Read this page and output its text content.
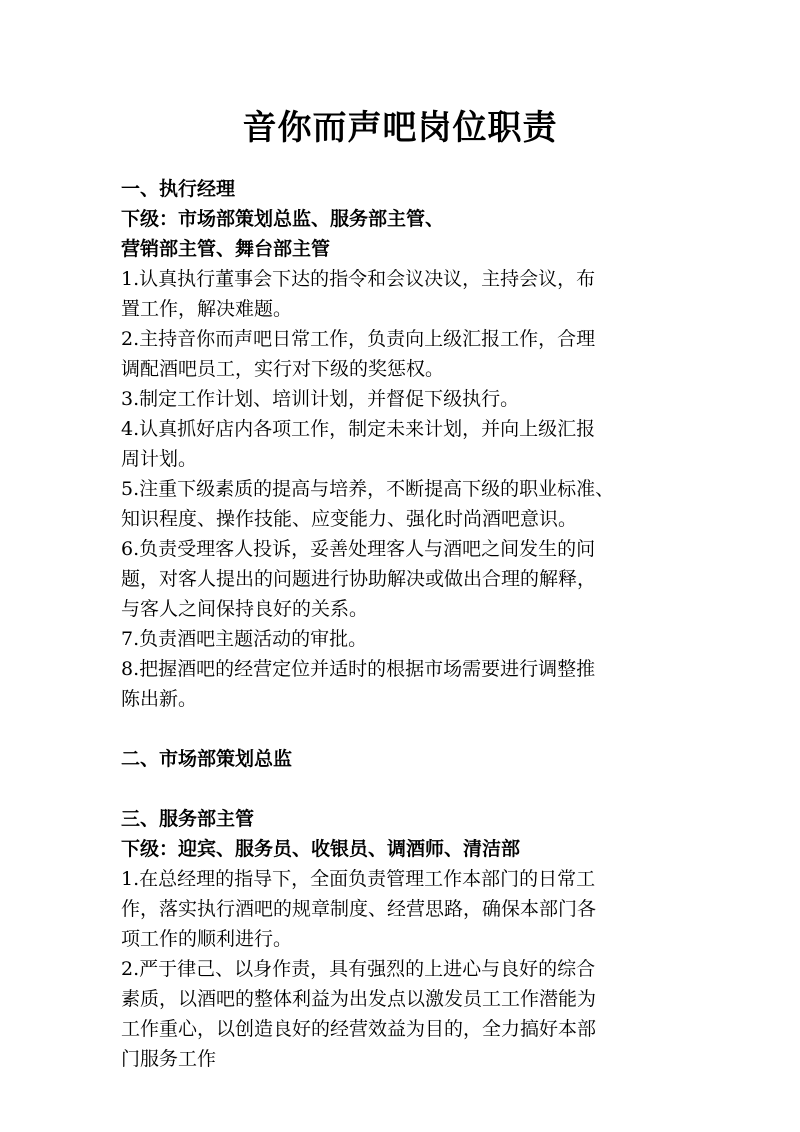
音你而声吧岗位职责
一、执行经理
下级：市场部策划总监、服务部主管、
营销部主管、舞台部主管
1.认真执行董事会下达的指令和会议决议，主持会议，布
置工作，解决难题。
2.主持音你而声吧日常工作，负责向上级汇报工作，合理
调配酒吧员工，实行对下级的奖惩权。
3.制定工作计划、培训计划，并督促下级执行。
4.认真抓好店内各项工作，制定未来计划，并向上级汇报
周计划。
5.注重下级素质的提高与培养，不断提高下级的职业标准、
知识程度、操作技能、应变能力、强化时尚酒吧意识。
6.负责受理客人投诉，妥善处理客人与酒吧之间发生的问
题，对客人提出的问题进行协助解决或做出合理的解释，
与客人之间保持良好的关系。
7.负责酒吧主题活动的审批。
8.把握酒吧的经营定位并适时的根据市场需要进行调整推
陈出新。
二、市场部策划总监
三、服务部主管
下级：迎宾、服务员、收银员、调酒师、清洁部
1.在总经理的指导下，全面负责管理工作本部门的日常工
作，落实执行酒吧的规章制度、经营思路，确保本部门各
项工作的顺利进行。
2.严于律己、以身作责，具有强烈的上进心与良好的综合
素质，以酒吧的整体利益为出发点以激发员工工作潜能为
工作重心，以创造良好的经营效益为目的，全力搞好本部
门服务工作
